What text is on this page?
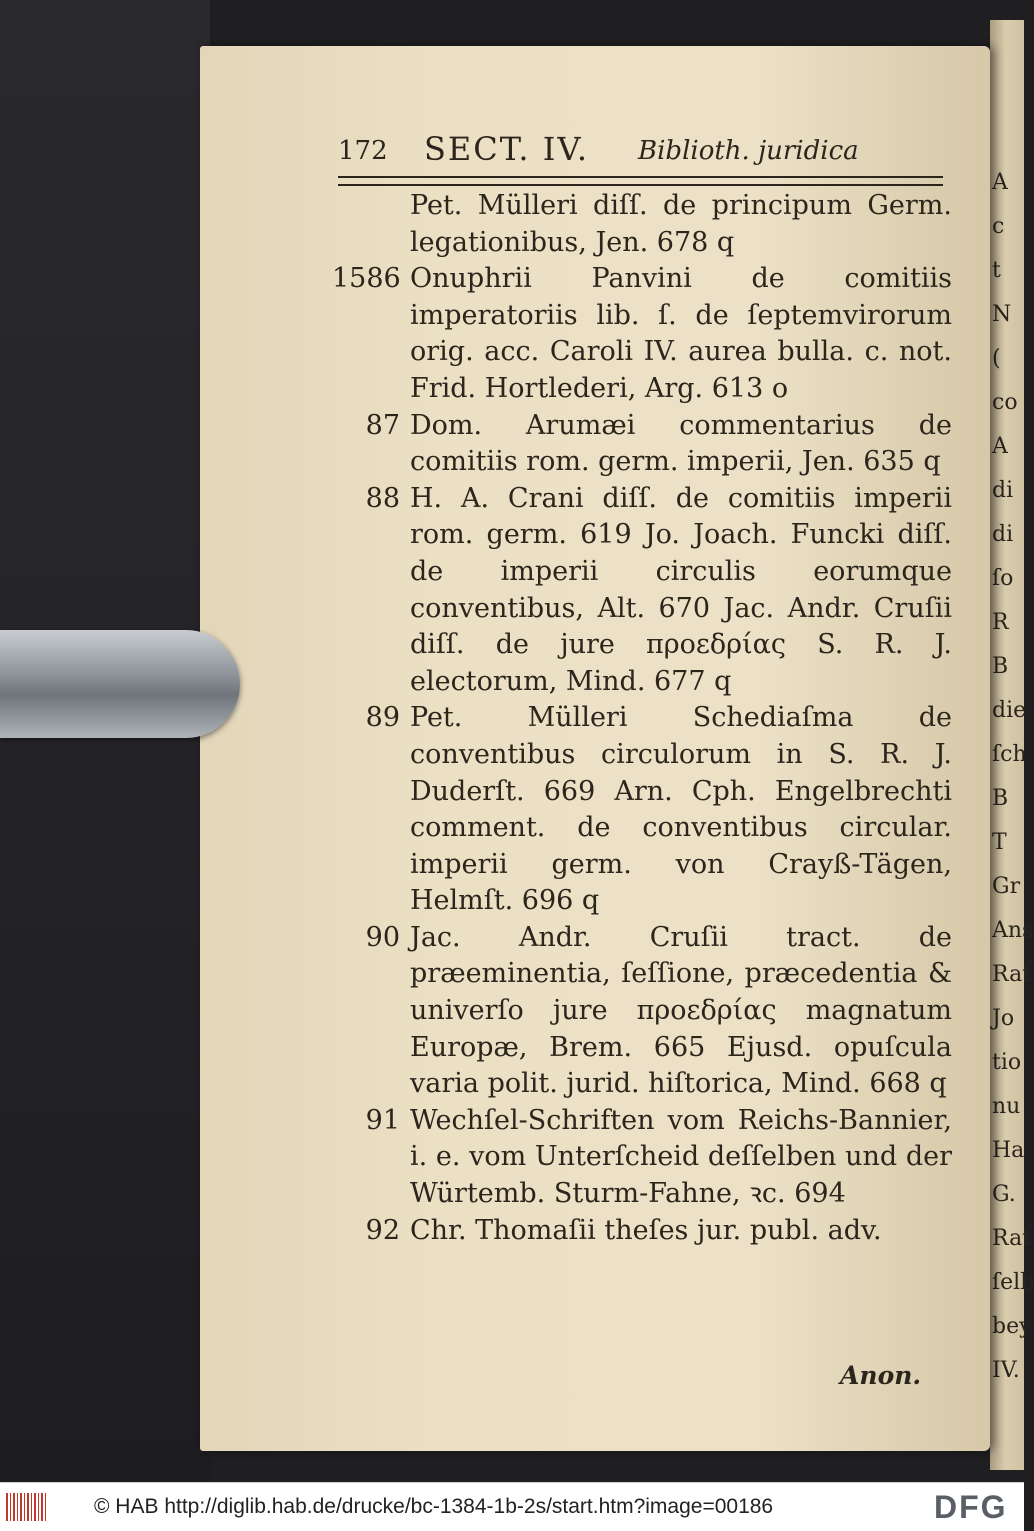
A
c
t
N
(
co
A
di
di
ſo
R
B
die
ſch
B
T
Gr
Ans
Rat
Jo
tio
nu
Ha
G.
Rat
ſelb
bey
IV.
172 SECT. IV. Biblioth. juridica
Pet. Mülleri diſſ. de principum Germ. legationibus, Jen. 678 q
1586 Onuphrii Panvini de comitiis imperatoriis lib. ſ. de ſeptemvirorum orig. acc. Caroli IV. aurea bulla. c. not. Frid. Hortlederi, Arg. 613 o
87 Dom. Arumæi commentarius de comitiis rom. germ. imperii, Jen. 635 q
88 H. A. Crani diſſ. de comitiis imperii rom. germ. 619 Jo. Joach. Funcki diſſ. de imperii circulis eorumque conventibus, Alt. 670 Jac. Andr. Cruſii diſſ. de jure προεδρίας S. R. J. electorum, Mind. 677 q
89 Pet. Mülleri Schediaſma de conventibus circulorum in S. R. J. Duderſt. 669 Arn. Cph. Engelbrechti comment. de conventibus circular. imperii germ. von Crayß-Tägen, Helmſt. 696 q
90 Jac. Andr. Cruſii tract. de præeminentia, ſeſſione, præcedentia & univerſo jure προεδρίας magnatum Europæ, Brem. 665 Ejusd. opuſcula varia polit. jurid. hiſtorica, Mind. 668 q
91 Wechſel-Schriften vom Reichs-Bannier, i. e. vom Unterſcheid deſſelben und der Würtemb. Sturm-Fahne, ꝛc. 694
92 Chr. Thomaſii theſes jur. publ. adv.
Anon.
© HAB http://diglib.hab.de/drucke/bc-1384-1b-2s/start.htm?image=00186	DFG
